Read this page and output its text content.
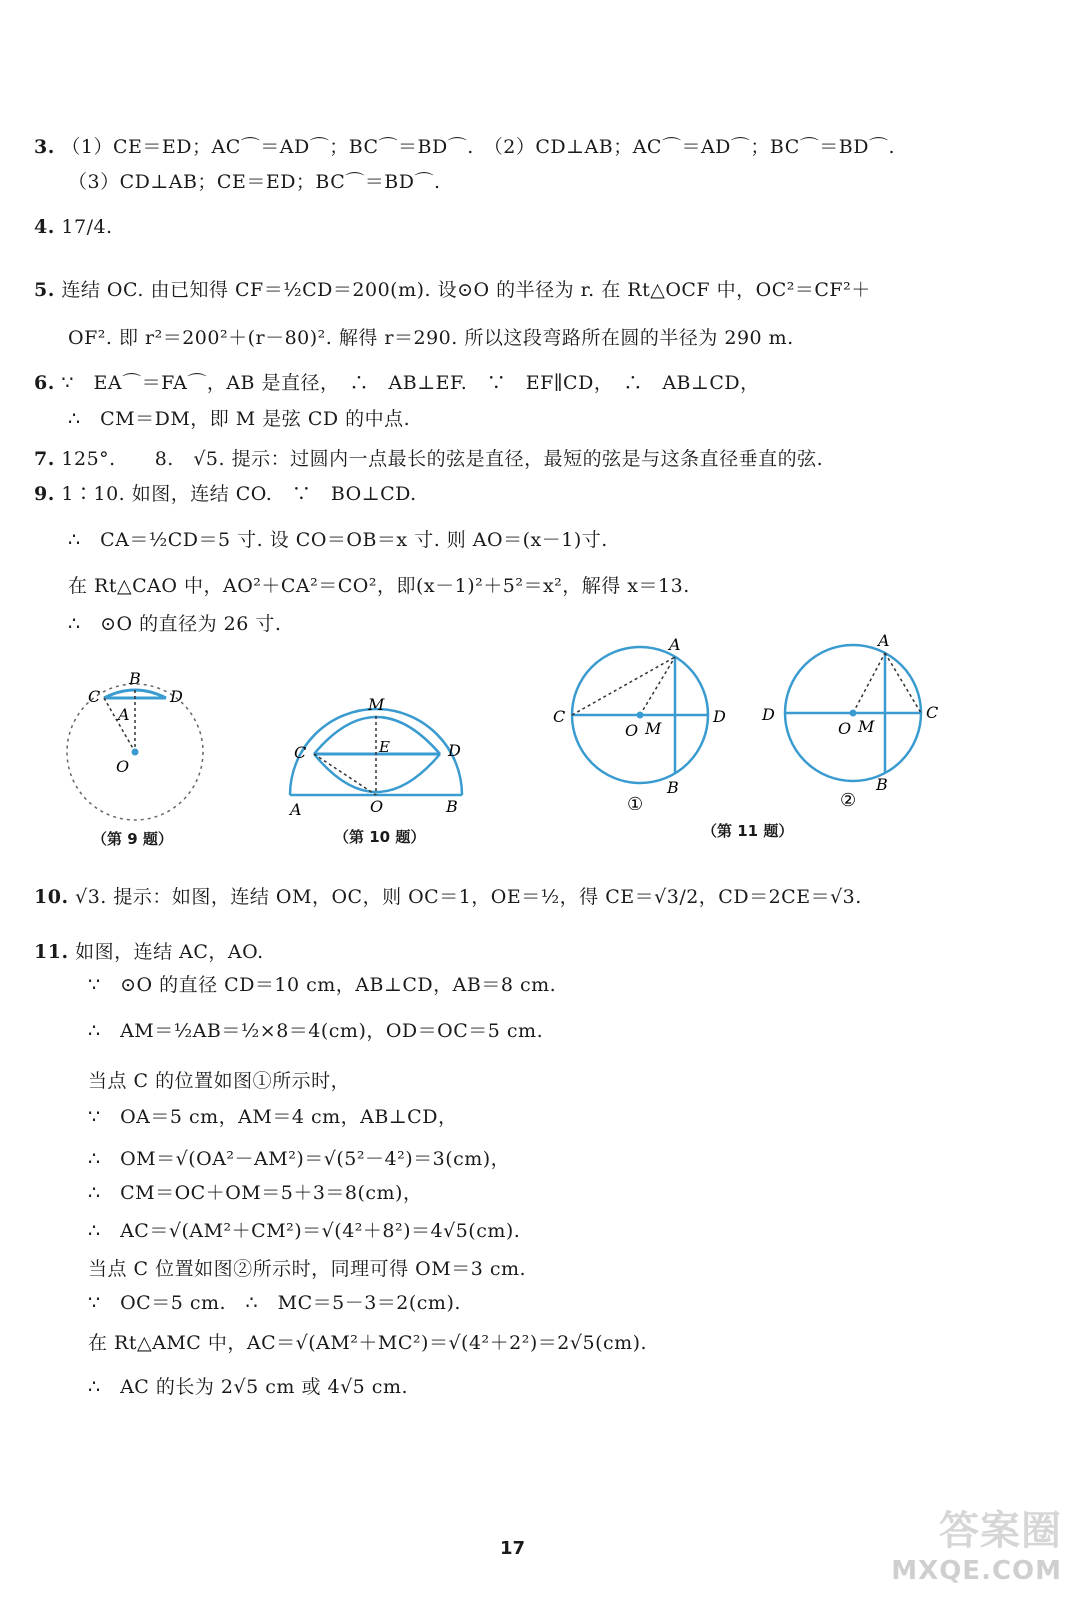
3. （1）CE＝ED；AC⌒＝AD⌒；BC⌒＝BD⌒.　（2）CD⊥AB；AC⌒＝AD⌒；BC⌒＝BD⌒.
（3）CD⊥AB；CE＝ED；BC⌒＝BD⌒.
4. 17/4.
5. 连结 OC. 由已知得 CF＝½CD＝200(m). 设⊙O 的半径为 r. 在 Rt△OCF 中，OC²＝CF²＋
OF². 即 r²＝200²＋(r－80)². 解得 r＝290. 所以这段弯路所在圆的半径为 290 m.
6. ∵　EA⌒＝FA⌒，AB 是直径，　∴　AB⊥EF.　∵　EF∥CD，　∴　AB⊥CD，
∴　CM＝DM，即 M 是弦 CD 的中点.
7. 125°.　　8.　√5. 提示：过圆内一点最长的弦是直径，最短的弦是与这条直径垂直的弦.
9. 1∶10. 如图，连结 CO.　∵　BO⊥CD.
∴　CA＝½CD＝5 寸. 设 CO＝OB＝x 寸. 则 AO＝(x－1)寸.
在 Rt△CAO 中，AO²＋CA²＝CO²，即(x－1)²＋5²＝x²，解得 x＝13.
∴　⊙O 的直径为 26 寸.
C
B
D
A
O
（第 9 题）
M
C	E	D
A	O	B
（第 10 题）
A
C
O M
D
B
①
A
D
O M
C
B
②
（第 11 题）
10. √3. 提示：如图，连结 OM，OC，则 OC＝1，OE＝½，得 CE＝√3/2，CD＝2CE＝√3.
11. 如图，连结 AC，AO.
∵　⊙O 的直径 CD＝10 cm，AB⊥CD，AB＝8 cm.
∴　AM＝½AB＝½×8＝4(cm)，OD＝OC＝5 cm.
当点 C 的位置如图①所示时，
∵　OA＝5 cm，AM＝4 cm，AB⊥CD，
∴　OM＝√(OA²－AM²)＝√(5²－4²)＝3(cm)，
∴　CM＝OC＋OM＝5＋3＝8(cm)，
∴　AC＝√(AM²＋CM²)＝√(4²＋8²)＝4√5(cm).
当点 C 位置如图②所示时，同理可得 OM＝3 cm.
∵　OC＝5 cm.　∴　MC＝5－3＝2(cm).
在 Rt△AMC 中，AC＝√(AM²＋MC²)＝√(4²＋2²)＝2√5(cm).
∴　AC 的长为 2√5 cm 或 4√5 cm.
17	答案圈
MXQE.COM
